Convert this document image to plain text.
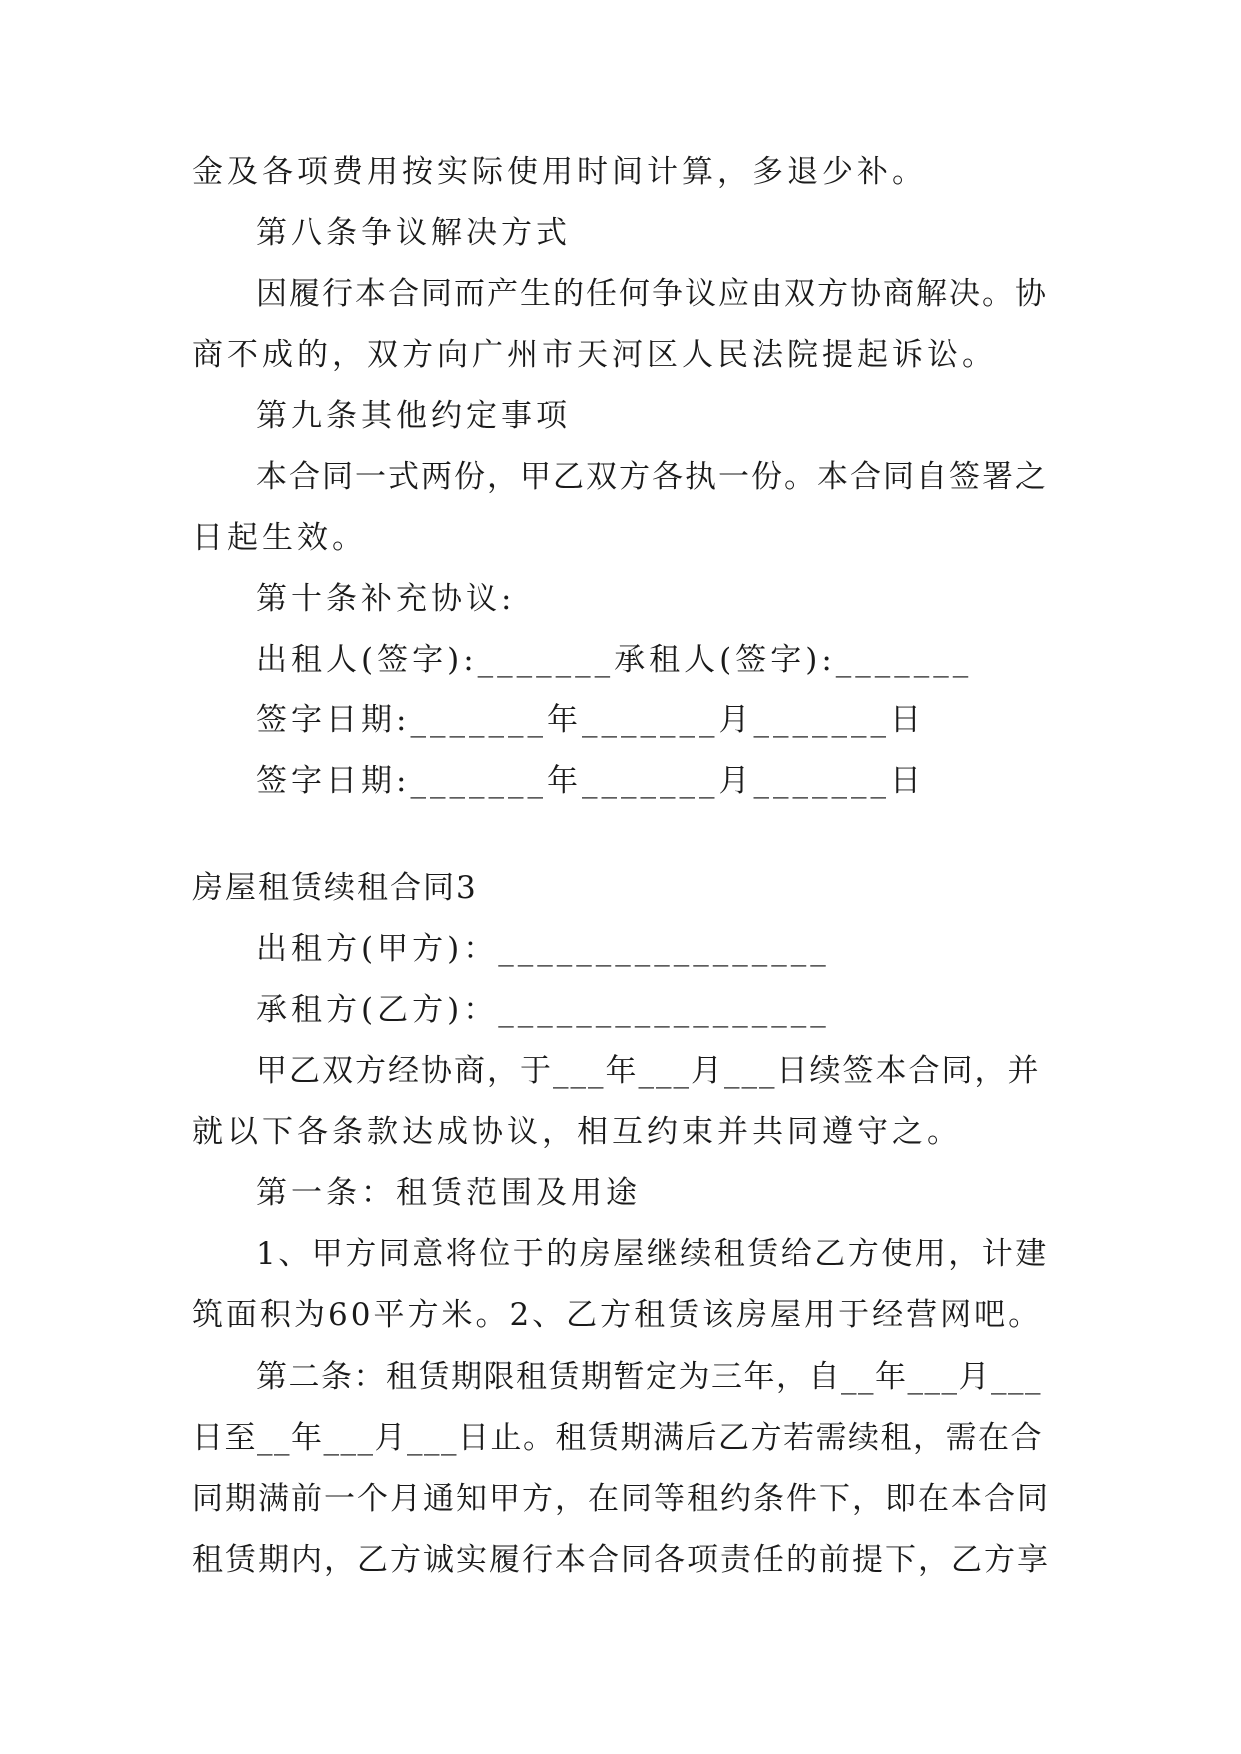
金及各项费用按实际使用时间计算，多退少补。

第八条争议解决方式

因履行本合同而产生的任何争议应由双方协商解决。协

商不成的，双方向广州市天河区人民法院提起诉讼。

第九条其他约定事项

本合同一式两份，甲乙双方各执一份。本合同自签署之

日起生效。

第十条补充协议:

出租人(签字):_______承租人(签字):_______

签字日期:_______年_______月_______日

签字日期:_______年_______月_______日

房屋租赁续租合同3

出租方(甲方)：_________________

承租方(乙方)：_________________

甲乙双方经协商，于___年___月___日续签本合同，并

就以下各条款达成协议，相互约束并共同遵守之。

第一条：租赁范围及用途

1、甲方同意将位于的房屋继续租赁给乙方使用，计建

筑面积为60平方米。2、乙方租赁该房屋用于经营网吧。

第二条：租赁期限租赁期暂定为三年，自__年___月___

日至__年___月___日止。租赁期满后乙方若需续租，需在合

同期满前一个月通知甲方，在同等租约条件下，即在本合同

租赁期内，乙方诚实履行本合同各项责任的前提下，乙方享
